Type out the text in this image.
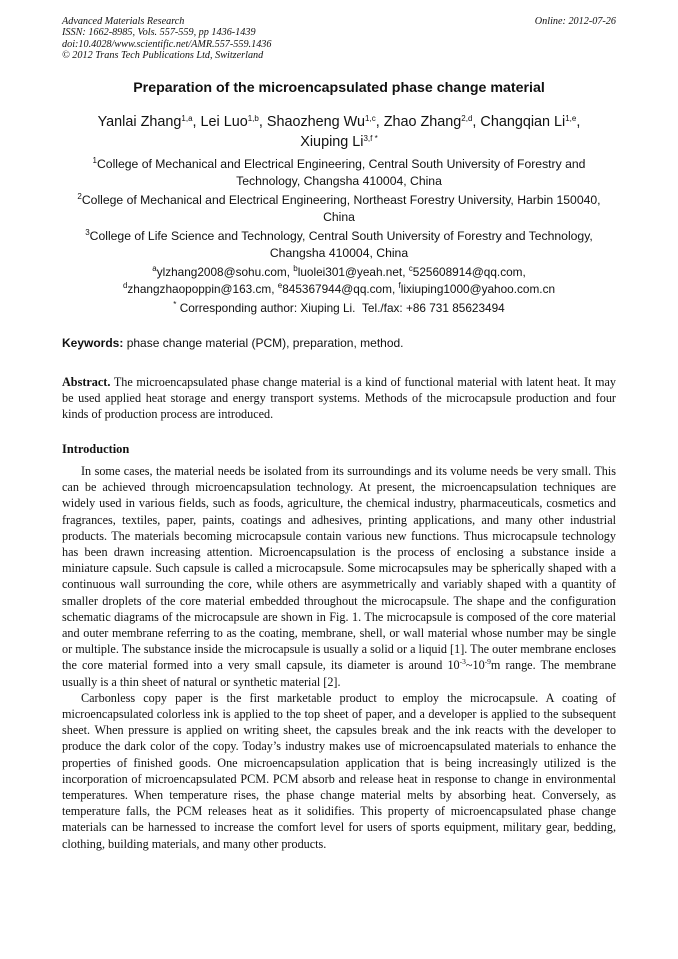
Advanced Materials Research
ISSN: 1662-8985, Vols. 557-559, pp 1436-1439
doi:10.4028/www.scientific.net/AMR.557-559.1436
© 2012 Trans Tech Publications Ltd, Switzerland
Online: 2012-07-26
Preparation of the microencapsulated phase change material
Yanlai Zhang$^{1,a}$, Lei Luo$^{1,b}$, Shaozheng Wu$^{1,c}$, Zhao Zhang$^{2,d}$, Changqian Li$^{1,e}$,
Xiuping $Li^{3,f *}$
$^1$College of Mechanical and Electrical Engineering, Central South University of Forestry and Technology, Changsha 410004, China
$^2$College of Mechanical and Electrical Engineering, Northeast Forestry University, Harbin 150040, China
$^3$College of Life Science and Technology, Central South University of Forestry and Technology, Changsha 410004, China
$^a$ylzhang2008@sohu.com, $^b$luolei301@yeah.net, $^c$525608914@qq.com,
$^d$zhangzhaopoppin@163.cm, $^e$845367944@qq.com, $^f$lixiuping1000@yahoo.com.cn
* Corresponding author: Xiuping Li. Tel./fax: +86 731 85623494
Keywords: phase change material (PCM), preparation, method.
Abstract. The microencapsulated phase change material is a kind of functional material with latent heat. It may be used applied heat storage and energy transport systems. Methods of the microcapsule production and four kinds of production process are introduced.
Introduction

In some cases, the material needs be isolated from its surroundings and its volume needs be very small. This can be achieved through microencapsulation technology. At present, the microencapsulation techniques are widely used in various fields, such as foods, agriculture, the chemical industry, pharmaceuticals, cosmetics and fragrances, textiles, paper, paints, coatings and adhesives, printing applications, and many other industrial products. The materials becoming microcapsule contain various new functions. Thus microcapsule technology has been drawn increasing attention. Microencapsulation is the process of enclosing a substance inside a miniature capsule. Such capsule is called a microcapsule. Some microcapsules may be spherically shaped with a continuous wall surrounding the core, while others are asymmetrically and variably shaped with a quantity of smaller droplets of the core material embedded throughout the microcapsule. The shape and the configuration schematic diagrams of the microcapsule are shown in Fig. 1. The microcapsule is composed of the core material and outer membrane referring to as the coating, membrane, shell, or wall material whose number may be single or multiple. The substance inside the microcapsule is usually a solid or a liquid [1]. The outer membrane encloses the core material formed into a very small capsule, its diameter is around $10^{-3}\sim 10^{-9}m$ range. The membrane usually is a thin sheet of natural or synthetic material [2].

Carbonless copy paper is the first marketable product to employ the microcapsule. A coating of microencapsulated colorless ink is applied to the top sheet of paper, and a developer is applied to the subsequent sheet. When pressure is applied on writing sheet, the capsules break and the ink reacts with the developer to produce the dark color of the copy. Today’s industry makes use of microencapsulated materials to enhance the properties of finished goods. One microencapsulation application that is being increasingly utilized is the incorporation of microencapsulated PCM. PCM absorb and release heat in response to change in environmental temperatures. When temperature rises, the phase change material melts by absorbing heat. Conversely, as temperature falls, the PCM releases heat as it solidifies. This property of microencapsulated phase change materials can be harnessed to increase the comfort level for users of sports equipment, military gear, bedding, clothing, building materials, and many other products.
